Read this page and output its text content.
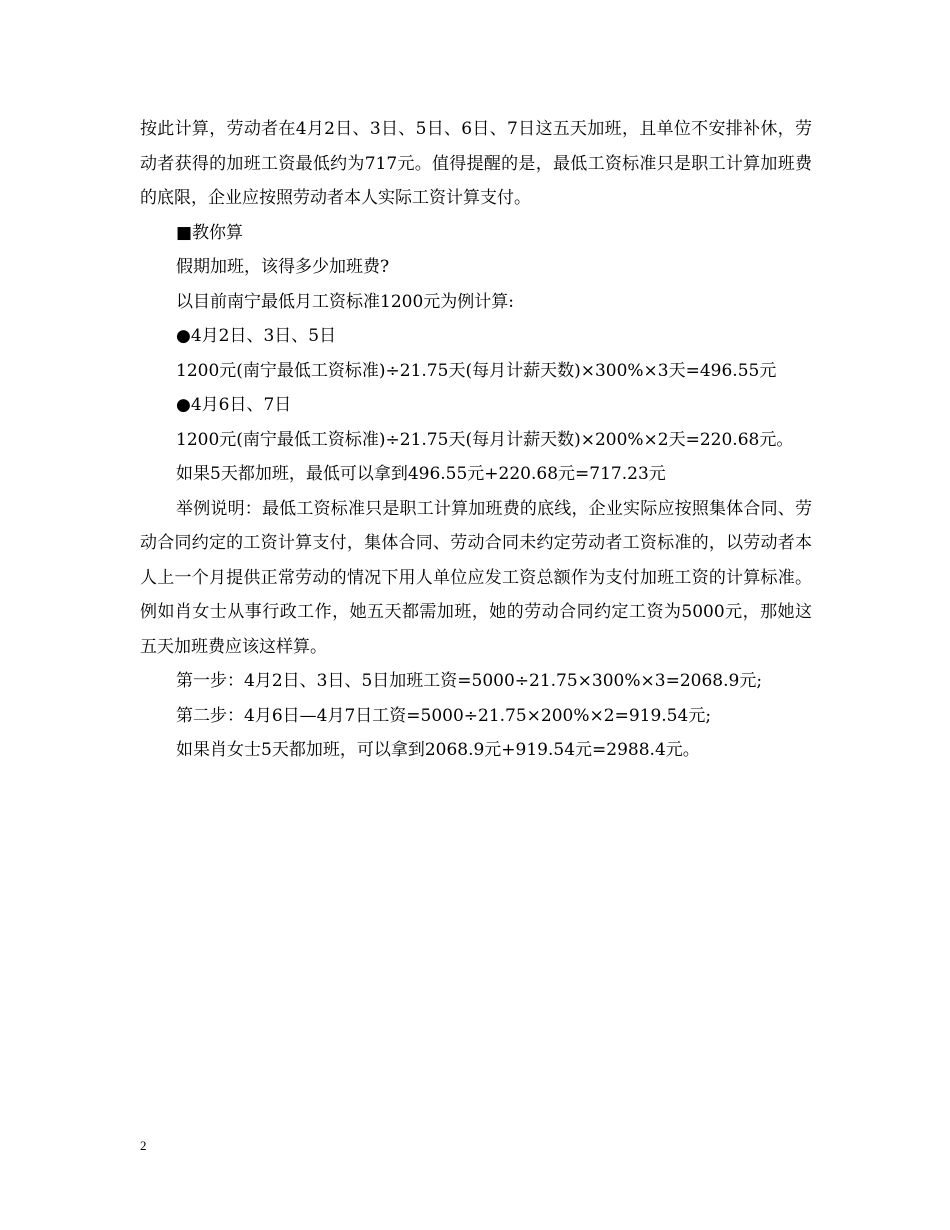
按此计算，劳动者在4月2日、3日、5日、6日、7日这五天加班，且单位不安排补休，劳动者获得的加班工资最低约为717元。值得提醒的是，最低工资标准只是职工计算加班费的底限，企业应按照劳动者本人实际工资计算支付。

■教你算

假期加班，该得多少加班费?

以目前南宁最低月工资标准1200元为例计算:

●4月2日、3日、5日

1200元(南宁最低工资标准)÷21.75天(每月计薪天数)×300%×3天=496.55元

●4月6日、7日

1200元(南宁最低工资标准)÷21.75天(每月计薪天数)×200%×2天=220.68元。

如果5天都加班，最低可以拿到496.55元+220.68元=717.23元

举例说明：最低工资标准只是职工计算加班费的底线，企业实际应按照集体合同、劳动合同约定的工资计算支付，集体合同、劳动合同未约定劳动者工资标准的，以劳动者本人上一个月提供正常劳动的情况下用人单位应发工资总额作为支付加班工资的计算标准。例如肖女士从事行政工作，她五天都需加班，她的劳动合同约定工资为5000元，那她这五天加班费应该这样算。

第一步：4月2日、3日、5日加班工资=5000÷21.75×300%×3=2068.9元;

第二步：4月6日—4月7日工资=5000÷21.75×200%×2=919.54元;

如果肖女士5天都加班，可以拿到2068.9元+919.54元=2988.4元。

2
